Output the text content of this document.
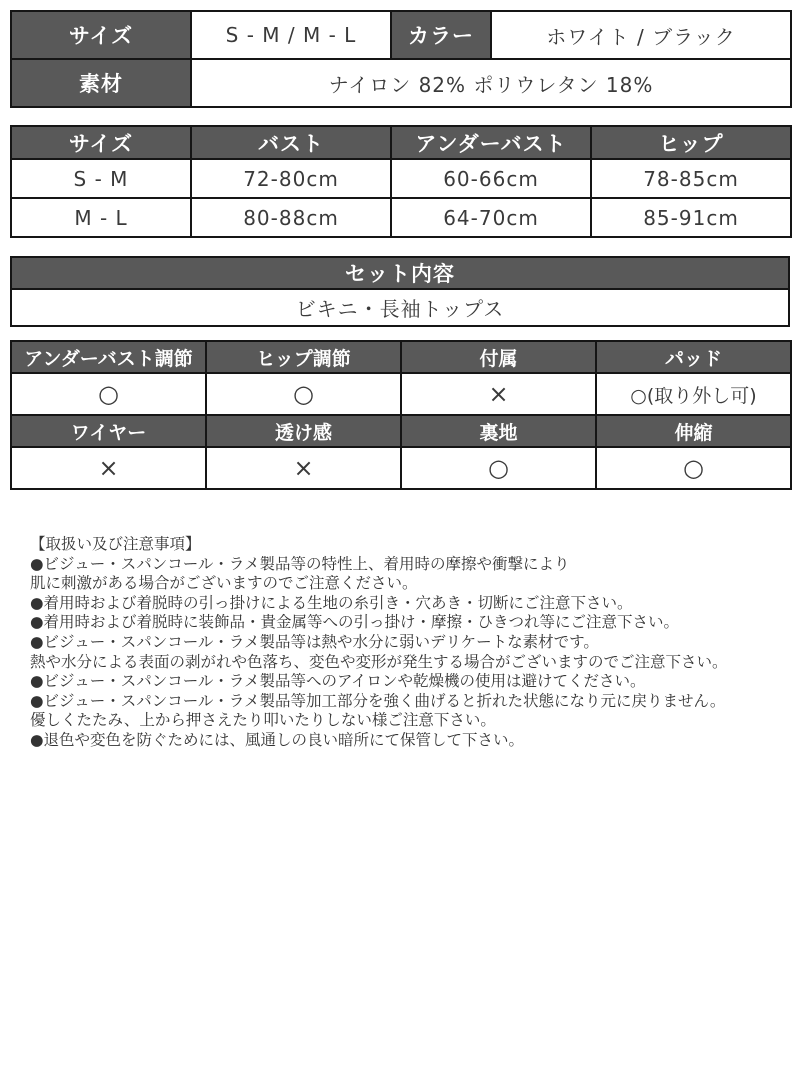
サイズ	S - M / M - L	カラー	ホワイト / ブラック
素材	ナイロン 82% ポリウレタン 18%		
サイズ	バスト	アンダーバスト	ヒップ
S - M	72-80cm	60-66cm	78-85cm
M - L	80-88cm	64-70cm	85-91cm
セット内容
ビキニ・長袖トップス
アンダーバスト調節	ヒップ調節	付属	パッド
○	○	×	○(取り外し可)
ワイヤー	透け感	裏地	伸縮
×	×	○	○
【取扱い及び注意事項】
●ビジュー・スパンコール・ラメ製品等の特性上、着用時の摩擦や衝撃により
肌に刺激がある場合がございますのでご注意ください。
●着用時および着脱時の引っ掛けによる生地の糸引き・穴あき・切断にご注意下さい。
●着用時および着脱時に装飾品・貴金属等への引っ掛け・摩擦・ひきつれ等にご注意下さい。
●ビジュー・スパンコール・ラメ製品等は熱や水分に弱いデリケートな素材です。
熱や水分による表面の剥がれや色落ち、変色や変形が発生する場合がございますのでご注意下さい。
●ビジュー・スパンコール・ラメ製品等へのアイロンや乾燥機の使用は避けてください。
●ビジュー・スパンコール・ラメ製品等加工部分を強く曲げると折れた状態になり元に戻りません。
優しくたたみ、上から押さえたり叩いたりしない様ご注意下さい。
●退色や変色を防ぐためには、風通しの良い暗所にて保管して下さい。
